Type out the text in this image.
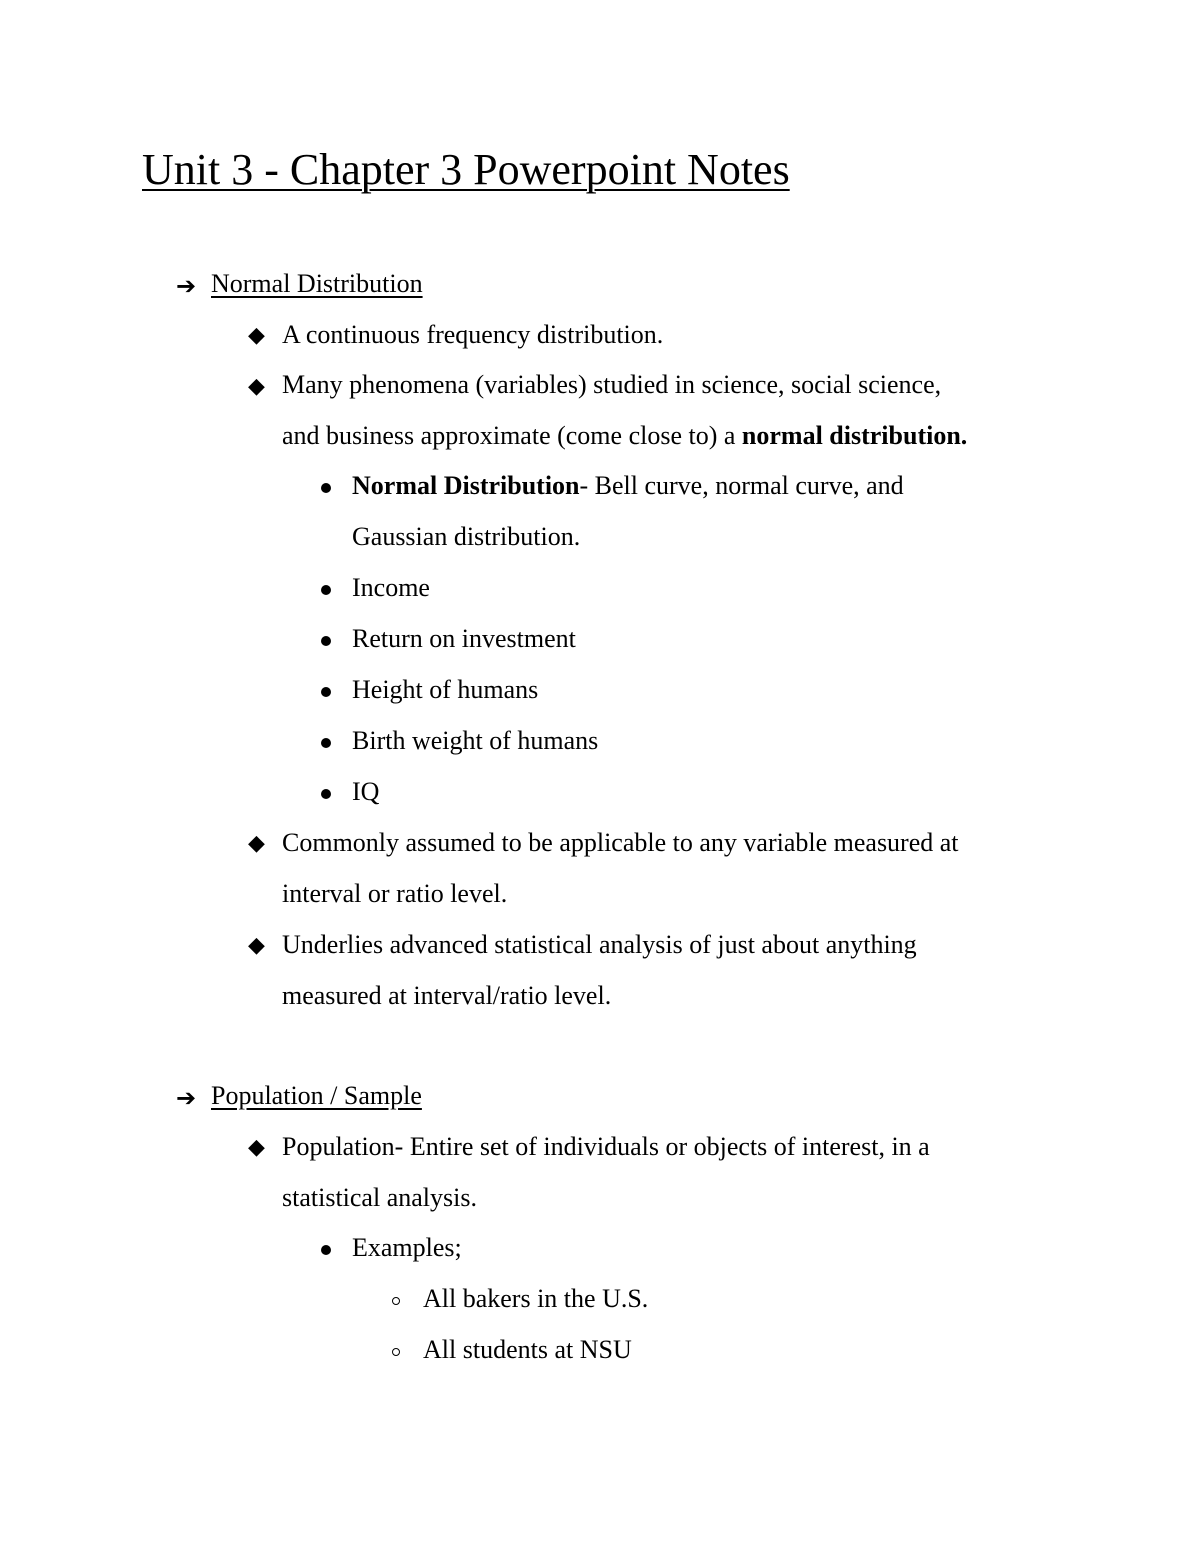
Unit 3 - Chapter 3 Powerpoint Notes
➔ Normal Distribution
◆ A continuous frequency distribution.
◆ Many phenomena (variables) studied in science, social science,
and business approximate (come close to) a normal distribution.
Normal Distribution- Bell curve, normal curve, and
Gaussian distribution.
Income
Return on investment
Height of humans
Birth weight of humans
IQ
◆ Commonly assumed to be applicable to any variable measured at
interval or ratio level.
◆ Underlies advanced statistical analysis of just about anything
measured at interval/ratio level.
➔ Population / Sample
◆ Population- Entire set of individuals or objects of interest, in a
statistical analysis.
Examples;
All bakers in the U.S.
All students at NSU
